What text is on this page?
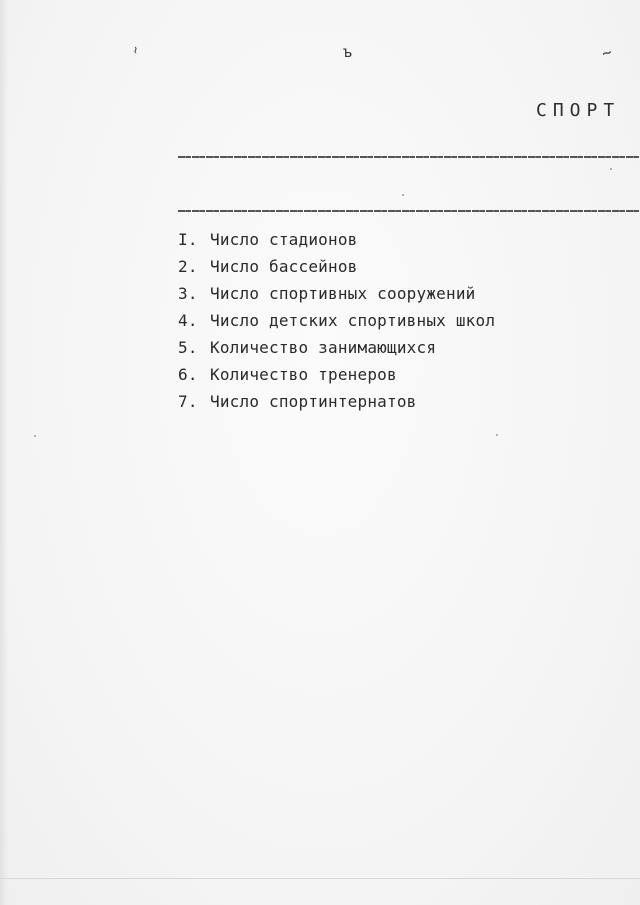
~	ъ	~
СПОРТ
I. Число стадионов
2. Число бассейнов
3. Число спортивных сооружений
4. Число детских спортивных школ
5. Количество занимающихся
6. Количество тренеров
7. Число спортинтернатов
